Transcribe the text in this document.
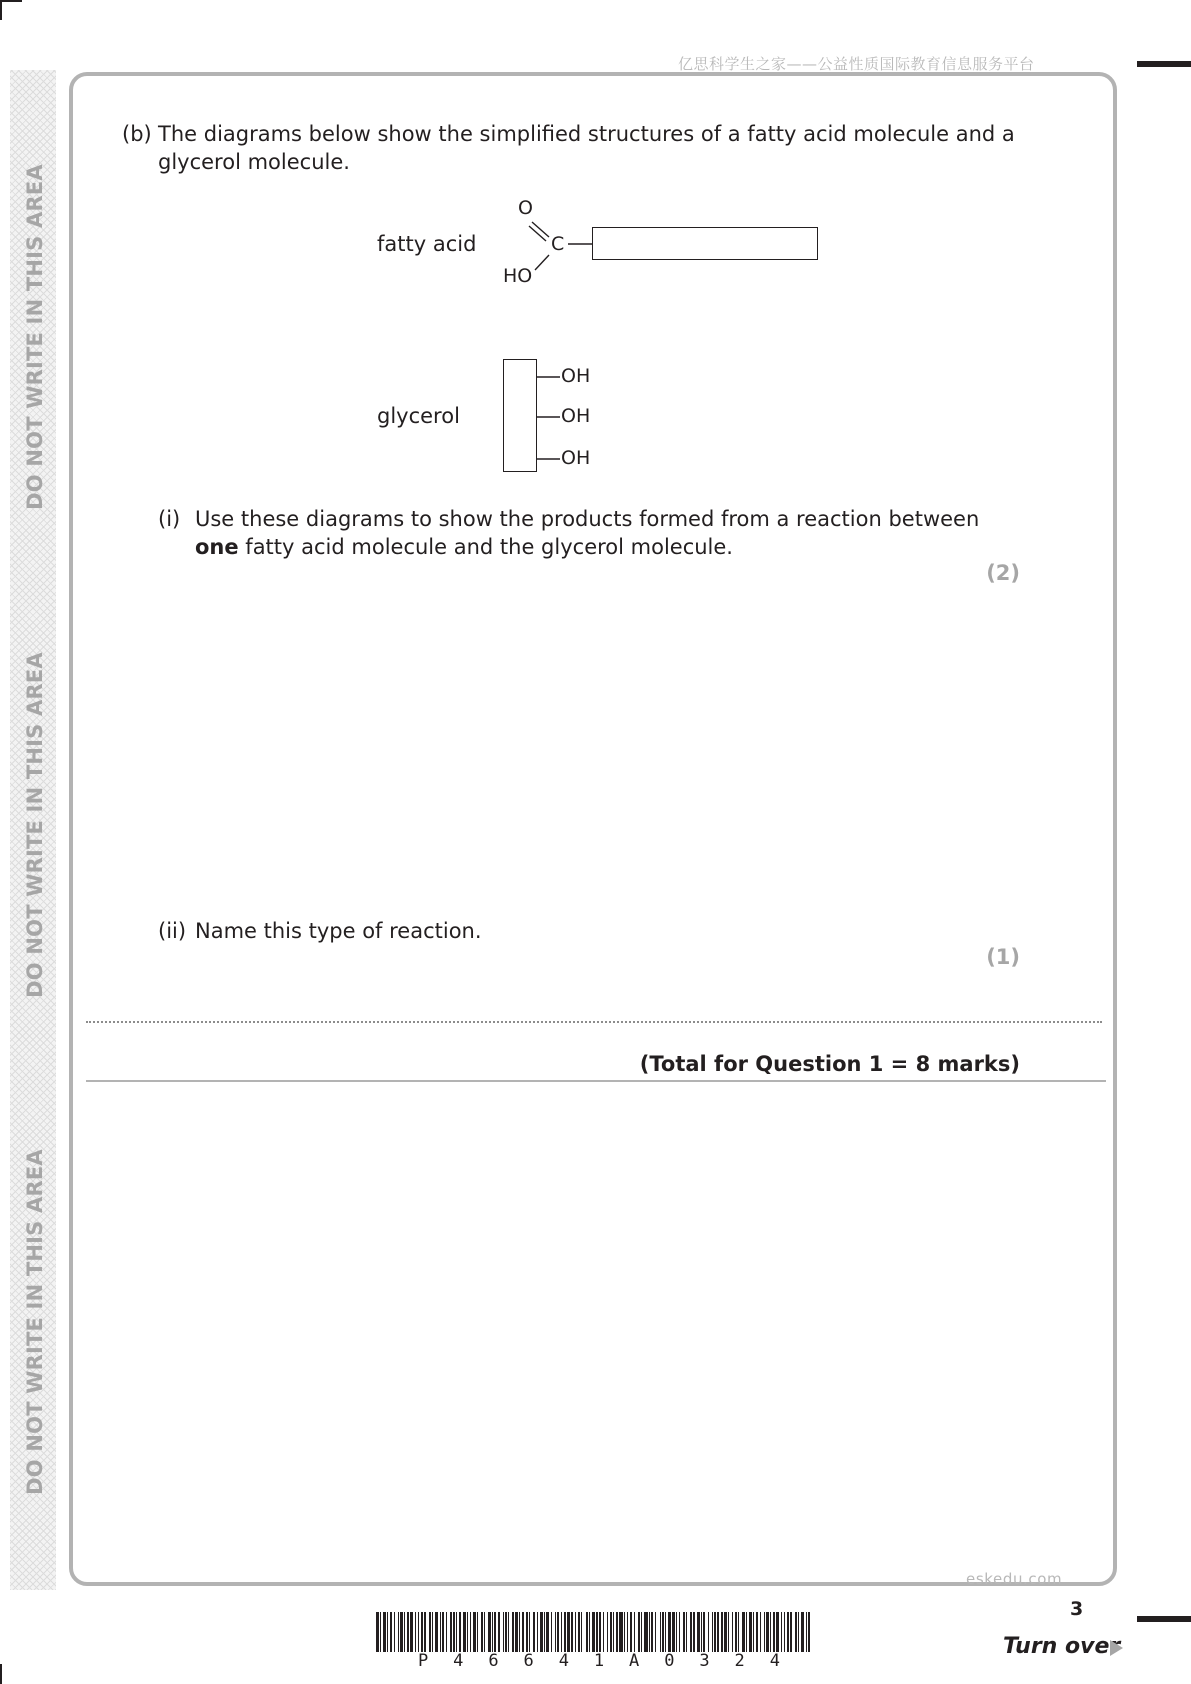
DO NOT WRITE IN THIS AREA
DO NOT WRITE IN THIS AREA
DO NOT WRITE IN THIS AREA
亿思科学生之家——公益性质国际教育信息服务平台
(b) The diagrams below show the simplified structures of a fatty acid molecule and a
glycerol molecule.
fatty acid
O
C
HO
glycerol
OH
OH
OH
(i) Use these diagrams to show the products formed from a reaction between
one fatty acid molecule and the glycerol molecule.
(2)
(ii) Name this type of reaction.
(1)
(Total for Question 1 = 8 marks)
eskedu.com
3
Turn over
P 4 6 6 4 1 A 0 3 2 4
